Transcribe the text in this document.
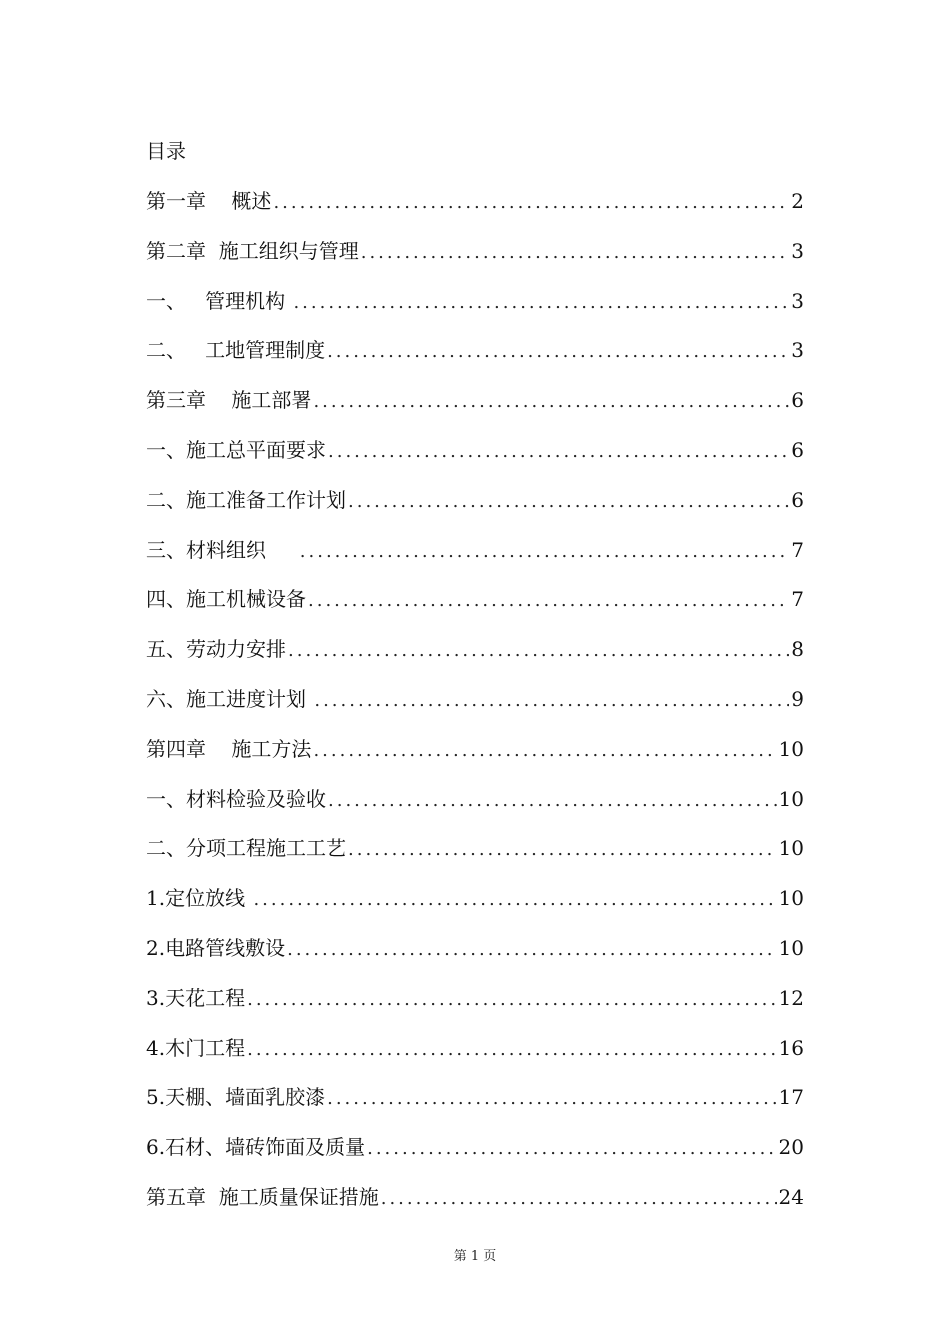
目录
第一章    概述 .....	2
第二章  施工组织与管理 .....	3
一、   管理机构 .....	3
二、   工地管理制度 .....	3
第三章    施工部署 .....	6
一、施工总平面要求 .....	6
二、施工准备工作计划 .....	6
三、材料组织 .....	7
四、施工机械设备 .....	7
五、劳动力安排 .....	8
六、施工进度计划 .....	9
第四章    施工方法 .....	10
一、材料检验及验收 .....	10
二、分项工程施工工艺 .....	10
1.定位放线 .....	10
2.电路管线敷设 .....	10
3.天花工程 .....	12
4.木门工程 .....	16
5.天棚、墙面乳胶漆 .....	17
6.石材、墙砖饰面及质量 .....	20
第五章  施工质量保证措施 .....	24
第 1 页
